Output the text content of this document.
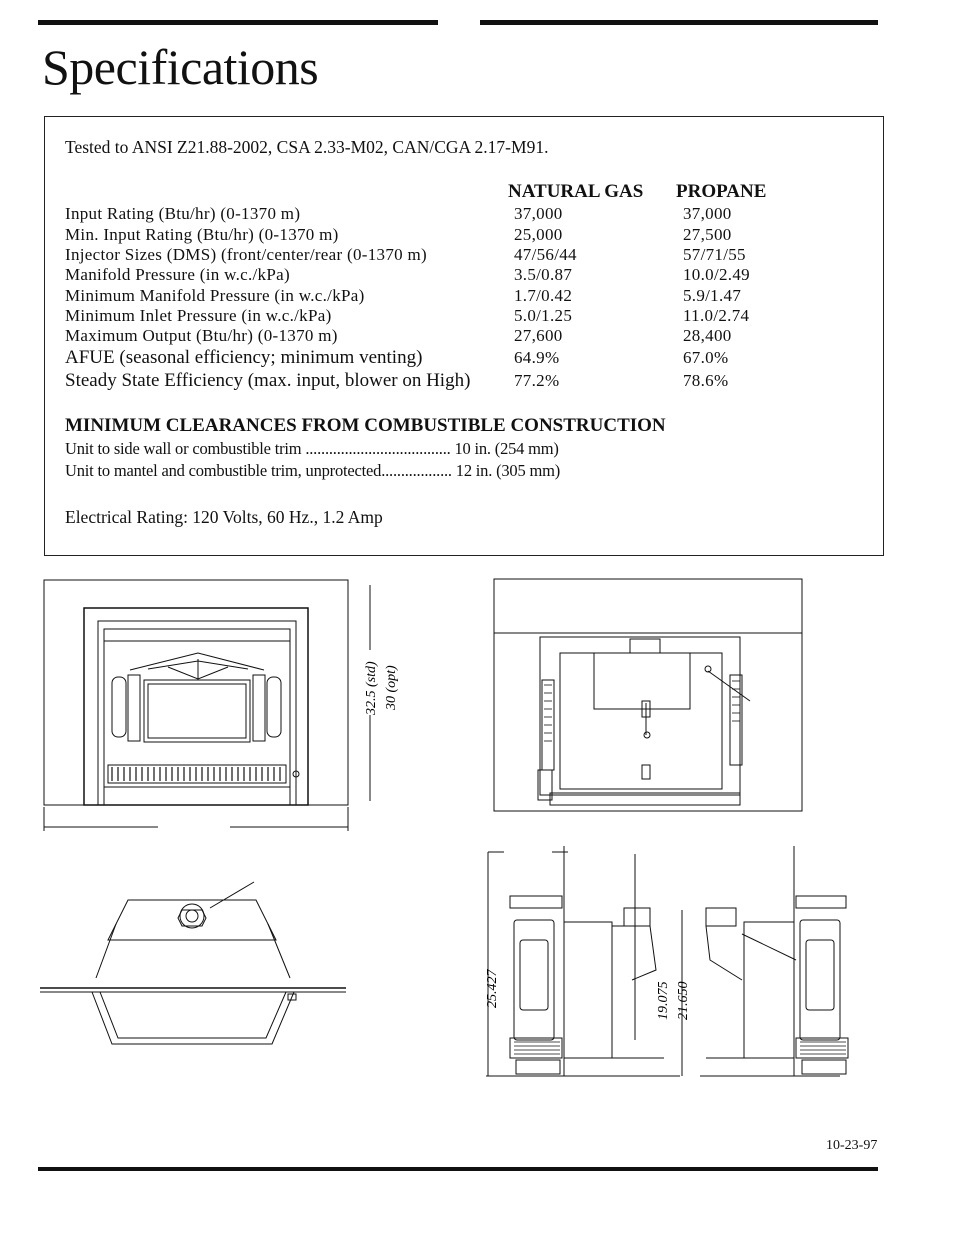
Specifications
Tested to ANSI Z21.88-2002, CSA 2.33-M02, CAN/CGA 2.17-M91.
NATURAL GAS PROPANE
Input Rating (Btu/hr) (0-1370 m)	37,000	37,000
Min. Input Rating (Btu/hr) (0-1370 m)	25,000	27,500
Injector Sizes (DMS) (front/center/rear (0-1370 m)	47/56/44	57/71/55
Manifold Pressure (in w.c./kPa)	3.5/0.87	10.0/2.49
Minimum Manifold Pressure (in w.c./kPa)	1.7/0.42	5.9/1.47
Minimum Inlet Pressure (in w.c./kPa)	5.0/1.25	11.0/2.74
Maximum Output (Btu/hr) (0-1370 m)	27,600	28,400
AFUE (seasonal efficiency; minimum venting)	64.9%	67.0%
Steady State Efficiency (max. input, blower on High)	77.2%	78.6%
MINIMUM CLEARANCES FROM COMBUSTIBLE CONSTRUCTION
Unit to side wall or combustible trim ..................................... 10 in. (254 mm)
Unit to mantel and combustible trim, unprotected.................. 12 in. (305 mm)
Electrical Rating: 120 Volts, 60 Hz., 1.2 Amp
32.5 (std) 30 (opt)
25.427	19.075 21.650
10-23-97
